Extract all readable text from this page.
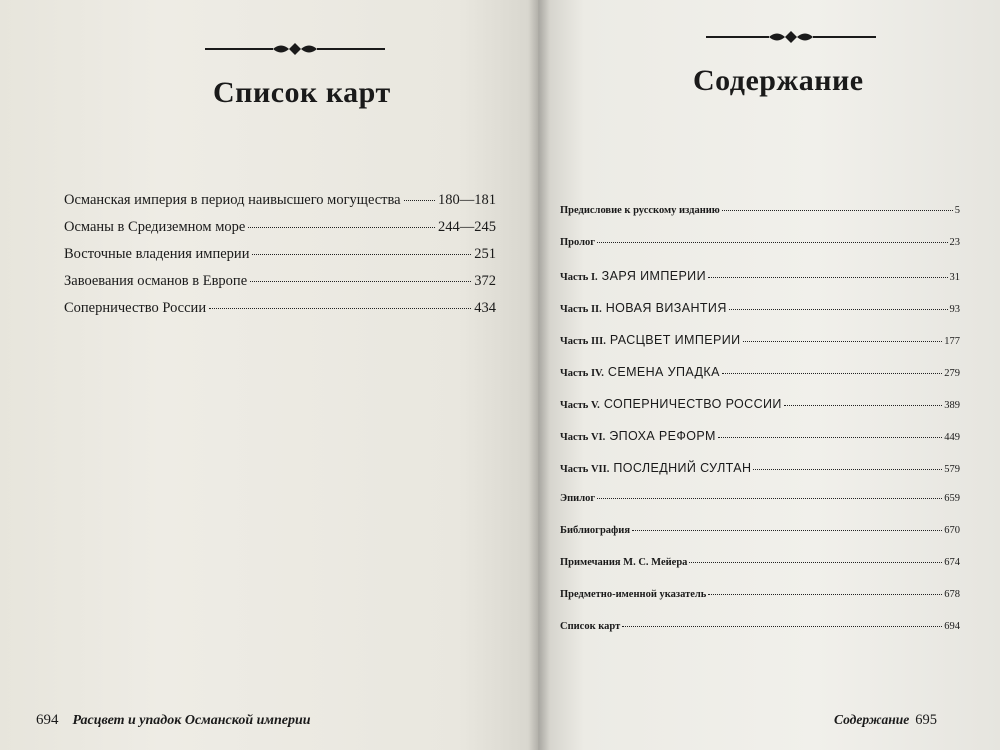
Список карт
Османская империя в период наивысшего могущества	180—181
Османы в Средиземном море	244—245
Восточные владения империи	251
Завоевания османов в Европе	372
Соперничество России	434
694 Расцвет и упадок Османской империи
Содержание
Предисловие к русскому изданию	5
Пролог	23
Часть I. ЗАРЯ ИМПЕРИИ	31
Часть II. НОВАЯ ВИЗАНТИЯ	93
Часть III. РАСЦВЕТ ИМПЕРИИ	177
Часть IV. СЕМЕНА УПАДКА	279
Часть V. СОПЕРНИЧЕСТВО РОССИИ	389
Часть VI. ЭПОХА РЕФОРМ	449
Часть VII. ПОСЛЕДНИЙ СУЛТАН	579
Эпилог	659
Библиография	670
Примечания М. С. Мейера	674
Предметно-именной указатель	678
Список карт	694
Содержание 695
